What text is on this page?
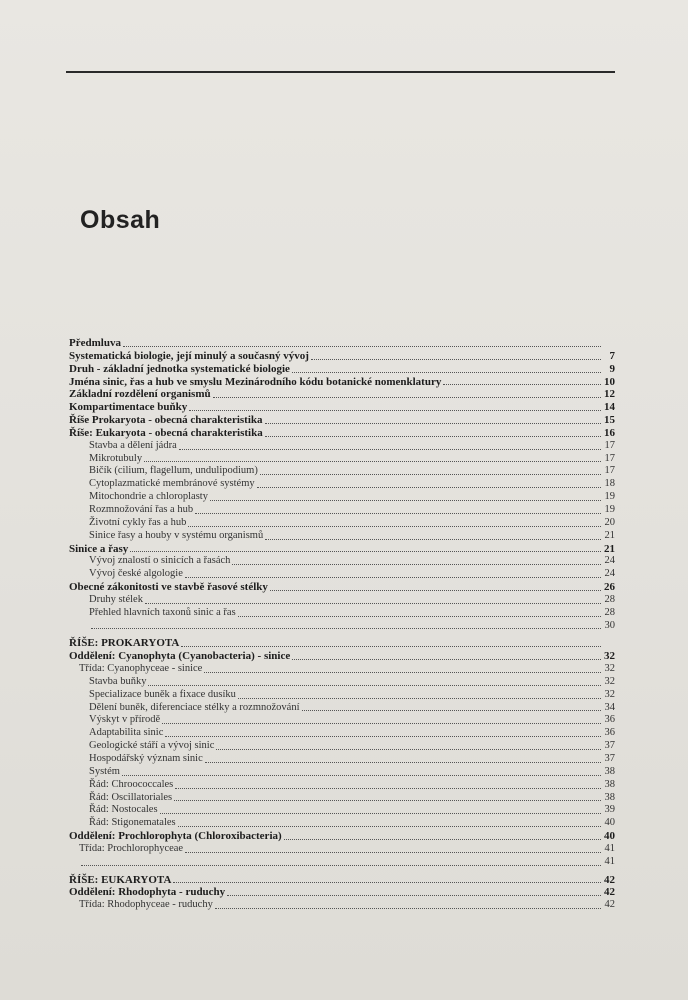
Obsah
Předmluva
Systematická biologie, její minulý a současný vývoj	7
Druh - základní jednotka systematické biologie	9
Jména sinic, řas a hub ve smyslu Mezinárodního kódu botanické nomenklatury	10
Základní rozdělení organismů	12
Kompartimentace buňky	14
Říše Prokaryota - obecná charakteristika	15
Říše: Eukaryota - obecná charakteristika	16
Stavba a dělení jádra	17
Mikrotubuly	17
Bičík (cilium, flagellum, undulipodium)	17
Cytoplazmatické membránové systémy	18
Mitochondrie a chloroplasty	19
Rozmnožování řas a hub	19
Životní cykly řas a hub	20
Sinice řasy a houby v systému organismů	21
Sinice a řasy	21
Vývoj znalostí o sinicích a řasách	24
Vývoj české algologie	24
Obecné zákonitosti ve stavbě řasové stélky	26
Druhy stélek	28
Přehled hlavních taxonů sinic a řas	28
30
ŘÍŠE: PROKARYOTA
Oddělení: Cyanophyta (Cyanobacteria) - sinice	32
Třída: Cyanophyceae - sinice	32
Stavba buňky	32
Specializace buněk a fixace dusíku	32
Dělení buněk, diferenciace stélky a rozmnožování	34
Výskyt v přírodě	36
Adaptabilita sinic	36
Geologické stáří a vývoj sinic	37
Hospodářský význam sinic	37
Systém	38
Řád: Chroococcales	38
Řád: Oscillatoriales	38
Řád: Nostocales	39
Řád: Stigonematales	40
Oddělení: Prochlorophyta (Chloroxibacteria)	40
Třída: Prochlorophyceae	41
41
ŘÍŠE: EUKARYOTA	42
Oddělení: Rhodophyta - ruduchy	42
Třída: Rhodophyceae - ruduchy	42
